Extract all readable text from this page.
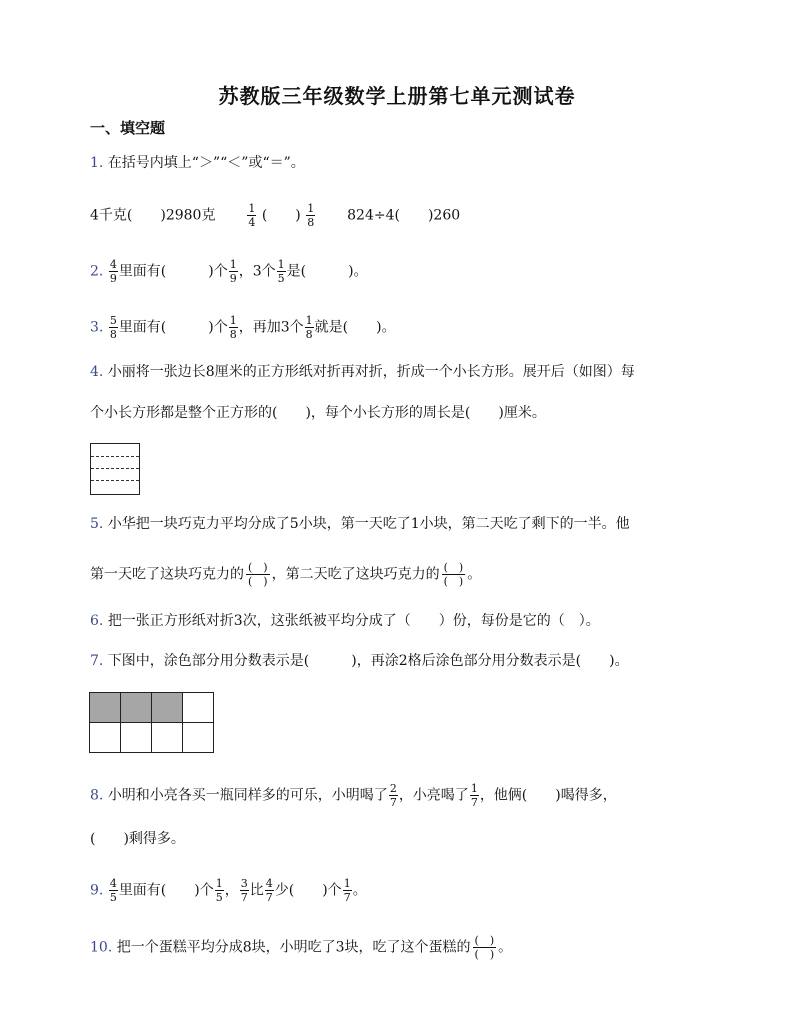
苏教版三年级数学上册第七单元测试卷
一、填空题
1. 在括号内填上“＞”“＜”或“＝”。
4千克(　　)2980克	$\frac{1}{4}$ (　　) $\frac{1}{8} 824\div 4$(　　)260
2. $\frac{4}{9}$ 里面有(　　　)个 $\frac{1}{9}$ ，3个 $\frac{1}{5}$ 是(　　　)。
3. $\frac{5}{8}$ 里面有(　　　)个 $\frac{1}{8}$ ，再加3个 $\frac{1}{8}$ 就是(　　)。
4. 小丽将一张边长8厘米的正方形纸对折再对折，折成一个小长方形。展开后（如图）每
个小长方形都是整个正方形的(　　)，每个小长方形的周长是(　　)厘米。
5. 小华把一块巧克力平均分成了5小块，第一天吃了1小块，第二天吃了剩下的一半。他
第一天吃了这块巧克力的 (　)
(　) ，第二天吃了这块巧克力的 (　)
(　) 。
6. 把一张正方形纸对折3次，这张纸被平均分成了（　　）份，每份是它的（　）。
7. 下图中，涂色部分用分数表示是(　　　)，再涂2格后涂色部分用分数表示是(　　)。

8. 小明和小亮各买一瓶同样多的可乐，小明喝了 $\frac{2}{7}$ ，小亮喝了 $\frac{1}{7}$ ，他俩(　　)喝得多，
(　　)剩得多。
9. $\frac{4}{5}$ 里面有(　　)个 $\frac{1}{5}$ ， $\frac{3}{7}$ 比 $\frac{4}{7}$ 少(　　)个 $\frac{1}{7}$ 。
10. 把一个蛋糕平均分成8块，小明吃了3块，吃了这个蛋糕的 (　)
(　) 。
